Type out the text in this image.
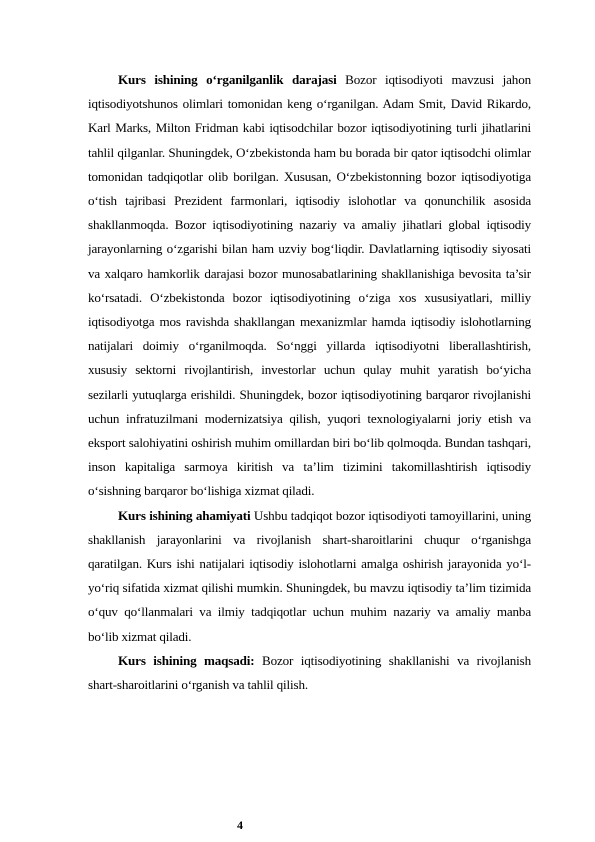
Kurs ishining o‘rganilganlik darajasi Bozor iqtisodiyoti mavzusi jahon iqtisodiyotshunos olimlari tomonidan keng o‘rganilgan. Adam Smit, David Rikardo, Karl Marks, Milton Fridman kabi iqtisodchilar bozor iqtisodiyotining turli jihatlarini tahlil qilganlar. Shuningdek, O‘zbekistonda ham bu borada bir qator iqtisodchi olimlar tomonidan tadqiqotlar olib borilgan. Xususan, O‘zbekistonning bozor iqtisodiyotiga o‘tish tajribasi Prezident farmonlari, iqtisodiy islohotlar va qonunchilik asosida shakllanmoqda. Bozor iqtisodiyotining nazariy va amaliy jihatlari global iqtisodiy jarayonlarning o‘zgarishi bilan ham uzviy bog‘liqdir. Davlatlarning iqtisodiy siyosati va xalqaro hamkorlik darajasi bozor munosabatlarining shakllanishiga bevosita ta’sir ko‘rsatadi. O‘zbekistonda bozor iqtisodiyotining o‘ziga xos xususiyatlari, milliy iqtisodiyotga mos ravishda shakllangan mexanizmlar hamda iqtisodiy islohotlarning natijalari doimiy o‘rganilmoqda. So‘nggi yillarda iqtisodiyotni liberallashtirish, xususiy sektorni rivojlantirish, investorlar uchun qulay muhit yaratish bo‘yicha sezilarli yutuqlarga erishildi. Shuningdek, bozor iqtisodiyotining barqaror rivojlanishi uchun infratuzilmani modernizatsiya qilish, yuqori texnologiyalarni joriy etish va eksport salohiyatini oshirish muhim omillardan biri bo‘lib qolmoqda. Bundan tashqari, inson kapitaliga sarmoya kiritish va ta’lim tizimini takomillashtirish iqtisodiy o‘sishning barqaror bo‘lishiga xizmat qiladi.

Kurs ishining ahamiyati Ushbu tadqiqot bozor iqtisodiyoti tamoyillarini, uning shakllanish jarayonlarini va rivojlanish shart-sharoitlarini chuqur o‘rganishga qaratilgan. Kurs ishi natijalari iqtisodiy islohotlarni amalga oshirish jarayonida yo‘l-yo‘riq sifatida xizmat qilishi mumkin. Shuningdek, bu mavzu iqtisodiy ta’lim tizimida o‘quv qo‘llanmalari va ilmiy tadqiqotlar uchun muhim nazariy va amaliy manba bo‘lib xizmat qiladi.

Kurs ishining maqsadi: Bozor iqtisodiyotining shakllanishi va rivojlanish shart-sharoitlarini o‘rganish va tahlil qilish.

4
